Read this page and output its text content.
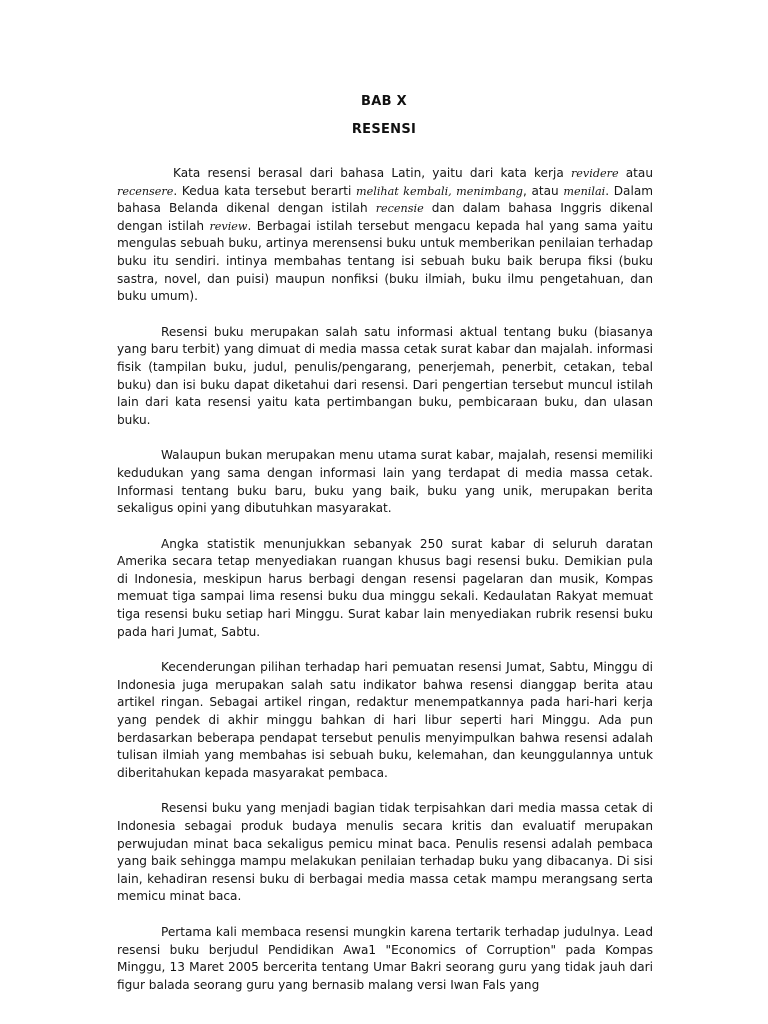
BAB X
RESENSI

Kata resensi berasal dari bahasa Latin, yaitu dari kata kerja revidere atau recensere. Kedua kata tersebut berarti melihat kembali, menimbang, atau menilai. Dalam bahasa Belanda dikenal dengan istilah recensie dan dalam bahasa Inggris dikenal dengan istilah review. Berbagai istilah tersebut mengacu kepada hal yang sama yaitu mengulas sebuah buku, artinya merensensi buku untuk memberikan penilaian terhadap buku itu sendiri. intinya membahas tentang isi sebuah buku baik berupa fiksi (buku sastra, novel, dan puisi) maupun nonfiksi (buku ilmiah, buku ilmu pengetahuan, dan buku umum).

Resensi buku merupakan salah satu informasi aktual tentang buku (biasanya yang baru terbit) yang dimuat di media massa cetak surat kabar dan majalah. informasi fisik (tampilan buku, judul, penulis/pengarang, penerjemah, penerbit, cetakan, tebal buku) dan isi buku dapat diketahui dari resensi. Dari pengertian tersebut muncul istilah lain dari kata resensi yaitu kata pertimbangan buku, pembicaraan buku, dan ulasan buku.

Walaupun bukan merupakan menu utama surat kabar, majalah, resensi memiliki kedudukan yang sama dengan informasi lain yang terdapat di media massa cetak. Informasi tentang buku baru, buku yang baik, buku yang unik, merupakan berita sekaligus opini yang dibutuhkan masyarakat.

Angka statistik menunjukkan sebanyak 250 surat kabar di seluruh daratan Amerika secara tetap menyediakan ruangan khusus bagi resensi buku. Demikian pula di Indonesia, meskipun harus berbagi dengan resensi pagelaran dan musik, Kompas memuat tiga sampai lima resensi buku dua minggu sekali. Kedaulatan Rakyat memuat tiga resensi buku setiap hari Minggu. Surat kabar lain menyediakan rubrik resensi buku pada hari Jumat, Sabtu.

Kecenderungan pilihan terhadap hari pemuatan resensi Jumat, Sabtu, Minggu di Indonesia juga merupakan salah satu indikator bahwa resensi dianggap berita atau artikel ringan. Sebagai artikel ringan, redaktur menempatkannya pada hari-hari kerja yang pendek di akhir minggu bahkan di hari libur seperti hari Minggu. Ada pun berdasarkan beberapa pendapat tersebut penulis menyimpulkan bahwa resensi adalah tulisan ilmiah yang membahas isi sebuah buku, kelemahan, dan keunggulannya untuk diberitahukan kepada masyarakat pembaca.

Resensi buku yang menjadi bagian tidak terpisahkan dari media massa cetak di Indonesia sebagai produk budaya menulis secara kritis dan evaluatif merupakan perwujudan minat baca sekaligus pemicu minat baca. Penulis resensi adalah pembaca yang baik sehingga mampu melakukan penilaian terhadap buku yang dibacanya. Di sisi lain, kehadiran resensi buku di berbagai media massa cetak mampu merangsang serta memicu minat baca.

Pertama kali membaca resensi mungkin karena tertarik terhadap judulnya. Lead resensi buku berjudul Pendidikan Awa1 "Economics of Corruption" pada Kompas Minggu, 13 Maret 2005 bercerita tentang Umar Bakri seorang guru yang tidak jauh dari figur balada seorang guru yang bernasib malang versi Iwan Fals yang
